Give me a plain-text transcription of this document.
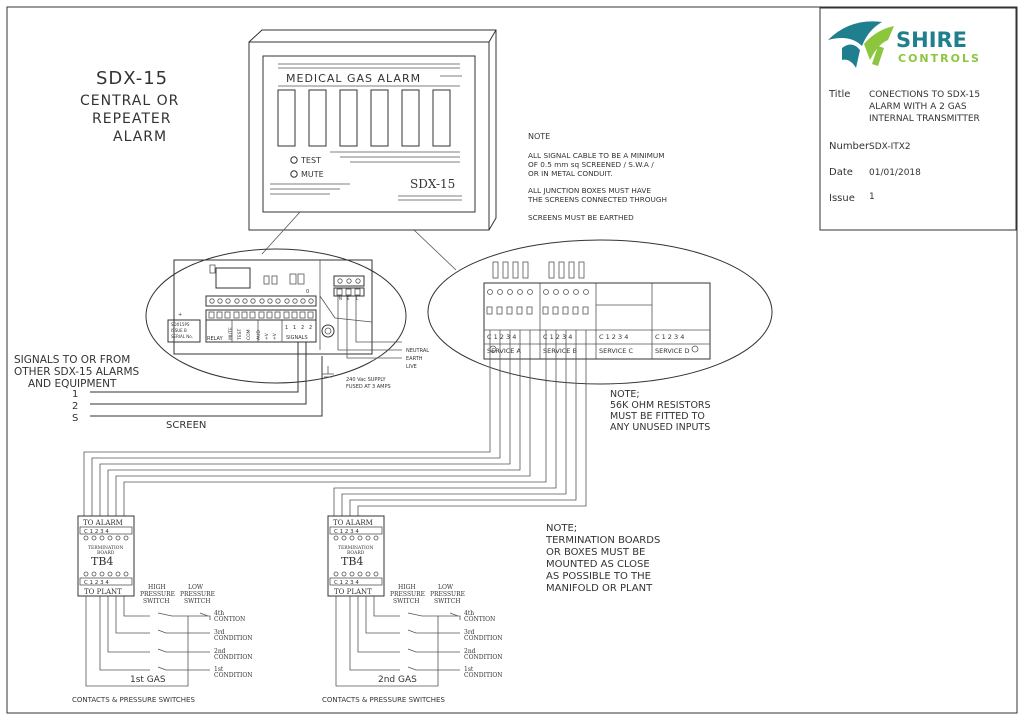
SHIRE
CONTROLS
Title CONECTIONS TO SDX-15
ALARM WITH A 2 GAS
INTERNAL TRANSMITTER
Number SDX-ITX2
Date 01/01/2018
Issue 1
SDX-15
CENTRAL OR
REPEATER
ALARM
MEDICAL GAS ALARM
TEST
MUTE
SDX-15
NOTE
ALL SIGNAL CABLE TO BE A MINIMUM
OF 0.5 mm sq SCREENED / S.W.A /
OR IN METAL CONDUIT.
ALL JUNCTION BOXES MUST HAVE
THE SCREENS CONNECTED THROUGH
SCREENS MUST BE EARTHED
0
SDX15PS
ISSUE B
SERIAL No.
+
RELAY MUTE TEST COM AUD +V +V
1 1 2 2
SIGNALS
N E L
NEUTRAL
EARTH
LIVE
240 Vac SUPPLY
FUSED AT 3 AMPS
SIGNALS TO OR FROM
OTHER SDX-15 ALARMS
AND EQUIPMENT
1
2
S
SCREEN
C 1 2 3 4	C 1 2 3 4	C 1 2 3 4	C 1 2 3 4
SERVICE A	SERVICE B	SERVICE C	SERVICE D
NOTE;
56K OHM RESISTORS
MUST BE FITTED TO
ANY UNUSED INPUTS
NOTE;
TERMINATION BOARDS
OR BOXES MUST BE
MOUNTED AS CLOSE
AS POSSIBLE TO THE
MANIFOLD OR PLANT
TO ALARM
C 1 2 3 4
TERMINATION
BOARD
TB4
C 1 2 3 4
TO PLANT
HIGH
PRESSURE
SWITCH
LOW
PRESSURE
SWITCH
4th
CONTION
3rd
CONDITION
2nd
CONDITION
1st
CONDITION
1st GAS
CONTACTS & PRESSURE SWITCHES
TO ALARM
C 1 2 3 4
TERMINATION
BOARD
TB4
C 1 2 3 4
TO PLANT
HIGH
PRESSURE
SWITCH
LOW
PRESSURE
SWITCH
4th
CONTION
3rd
CONDITION
2nd
CONDITION
1st
CONDITION
2nd GAS
CONTACTS & PRESSURE SWITCHES
